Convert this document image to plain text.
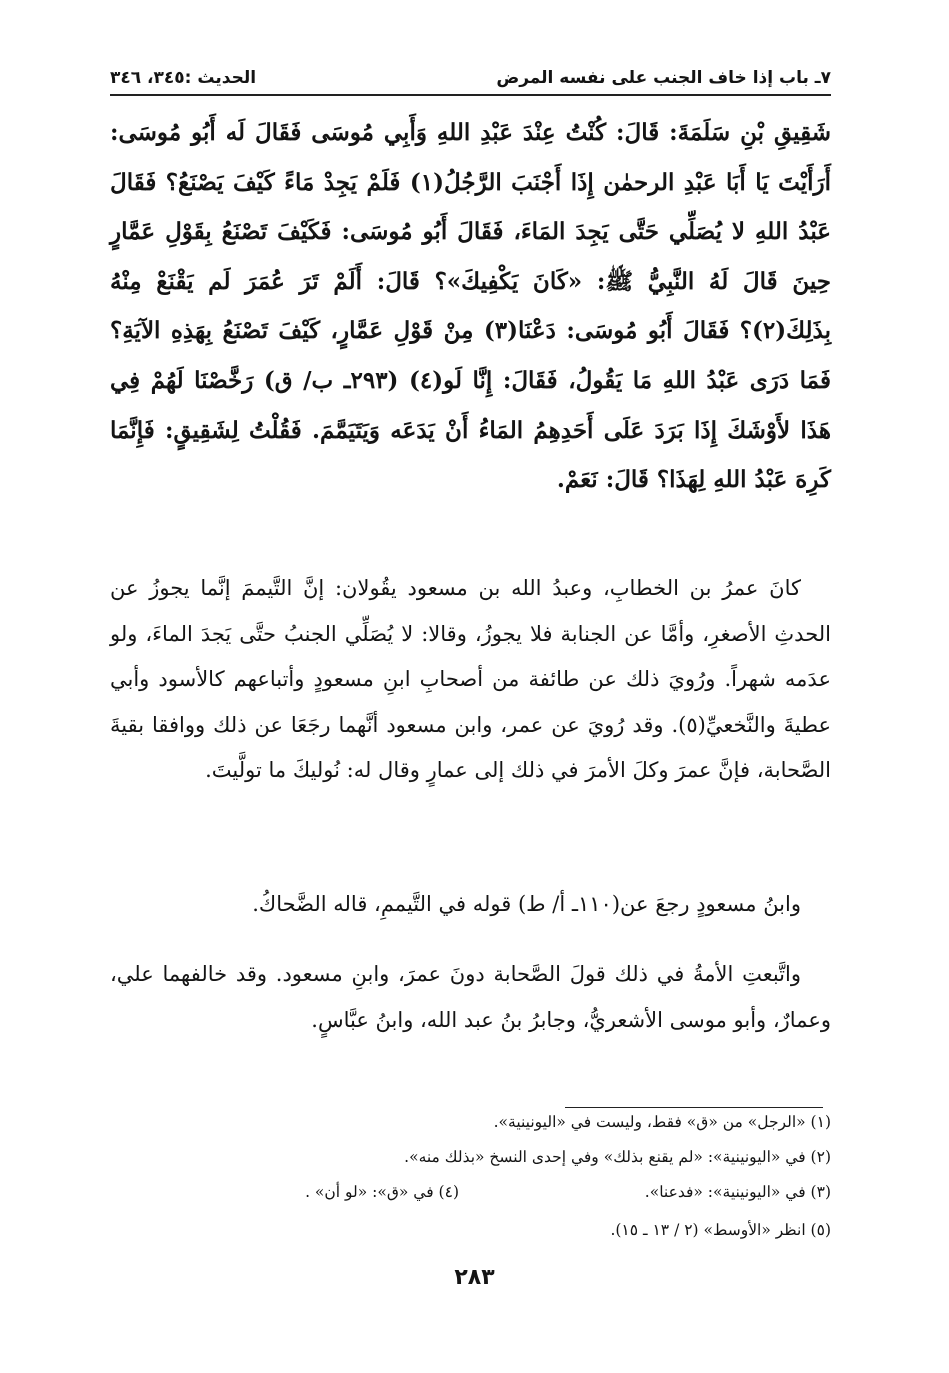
٧ـ باب إذا خاف الجنب على نفسه المرض
الحديث :٣٤٥، ٣٤٦
شَقِيقِ بْنِ سَلَمَةَ: قَالَ: كُنْتُ عِنْدَ عَبْدِ اللهِ وَأَبِي مُوسَى فَقَالَ لَه أَبُو مُوسَى: أَرَأَيْتَ يَا أَبَا عَبْدِ الرحمٰن إِذَا أَجْنَبَ الرَّجُلُ(١) فَلَمْ يَجِدْ مَاءً كَيْفَ يَصْنَعُ؟ فَقَالَ عَبْدُ اللهِ لا يُصَلِّي حَتَّى يَجِدَ المَاءَ، فَقَالَ أَبُو مُوسَى: فَكَيْفَ تَصْنَعُ بِقَوْلِ عَمَّارٍ حِينَ قَالَ لَهُ النَّبِيُّ ﷺ: «كَانَ يَكْفِيكَ»؟ قَالَ: أَلَمْ تَرَ عُمَرَ لَم يَقْنَعْ مِنْهُ بِذَلِكَ(٢)؟ فَقَالَ أَبُو مُوسَى: دَعْنَا(٣) مِنْ قَوْلِ عَمَّارٍ، كَيْفَ تَصْنَعُ بِهَذِهِ الآيَةِ؟ فَمَا دَرَى عَبْدُ اللهِ مَا يَقُولُ، فَقَالَ: إِنَّا لَو(٤) (٢٩٣ـ ب/ ق) رَخَّصْنَا لَهُمْ فِي هَذَا لأَوْشَكَ إِذَا بَرَدَ عَلَى أَحَدِهِمُ المَاءُ أَنْ يَدَعَه وَيَتَيَمَّمَ. فَقُلْتُ لِشَقِيقٍ: فَإِنَّمَا كَرِهَ عَبْدُ اللهِ لِهَذَا؟ قَالَ: نَعَمْ.

كانَ عمرُ بن الخطابِ، وعبدُ الله بن مسعود يقُولان: إنَّ التَّيممَ إنَّما يجوزُ عن الحدثِ الأصغرِ، وأمَّا عن الجنابة فلا يجوزُ، وقالا: لا يُصَلِّي الجنبُ حتَّى يَجدَ الماءَ، ولو عدَمه شهراً. ورُويَ ذلك عن طائفة من أصحابِ ابنِ مسعودٍ وأتباعهم كالأسود وأبي عطيةَ والنَّخعيِّ(٥). وقد رُويَ عن عمر، وابن مسعود أنَّهما رجَعَا عن ذلك ووافقا بقيةَ الصَّحابة، فإنَّ عمرَ وكلَ الأمرَ في ذلك إلى عمارٍ وقال له: نُوليكَ ما تولَّيتَ.

وابنُ مسعودٍ رجعَ عن(١١٠ـ أ/ ط) قوله في التَّيممِ، قاله الضَّحاكُ.

واتَّبعتِ الأمةُ في ذلك قولَ الصَّحابة دونَ عمرَ، وابنِ مسعود. وقد خالفهما علي، وعمارٌ، وأبو موسى الأشعريُّ، وجابرُ بنُ عبد الله، وابنُ عبَّاسٍ.

(١) «الرجل» من «ق» فقط، وليست في «اليونينية».
(٢) في «اليونينية»: «لم يقنع بذلك» وفي إحدى النسخ «بذلك منه».
(٣) في «اليونينية»: «فدعنا».
(٤) في «ق»: «لو أن» .
(٥) انظر «الأوسط» (٢ / ١٣ ـ ١٥).
٢٨٣
